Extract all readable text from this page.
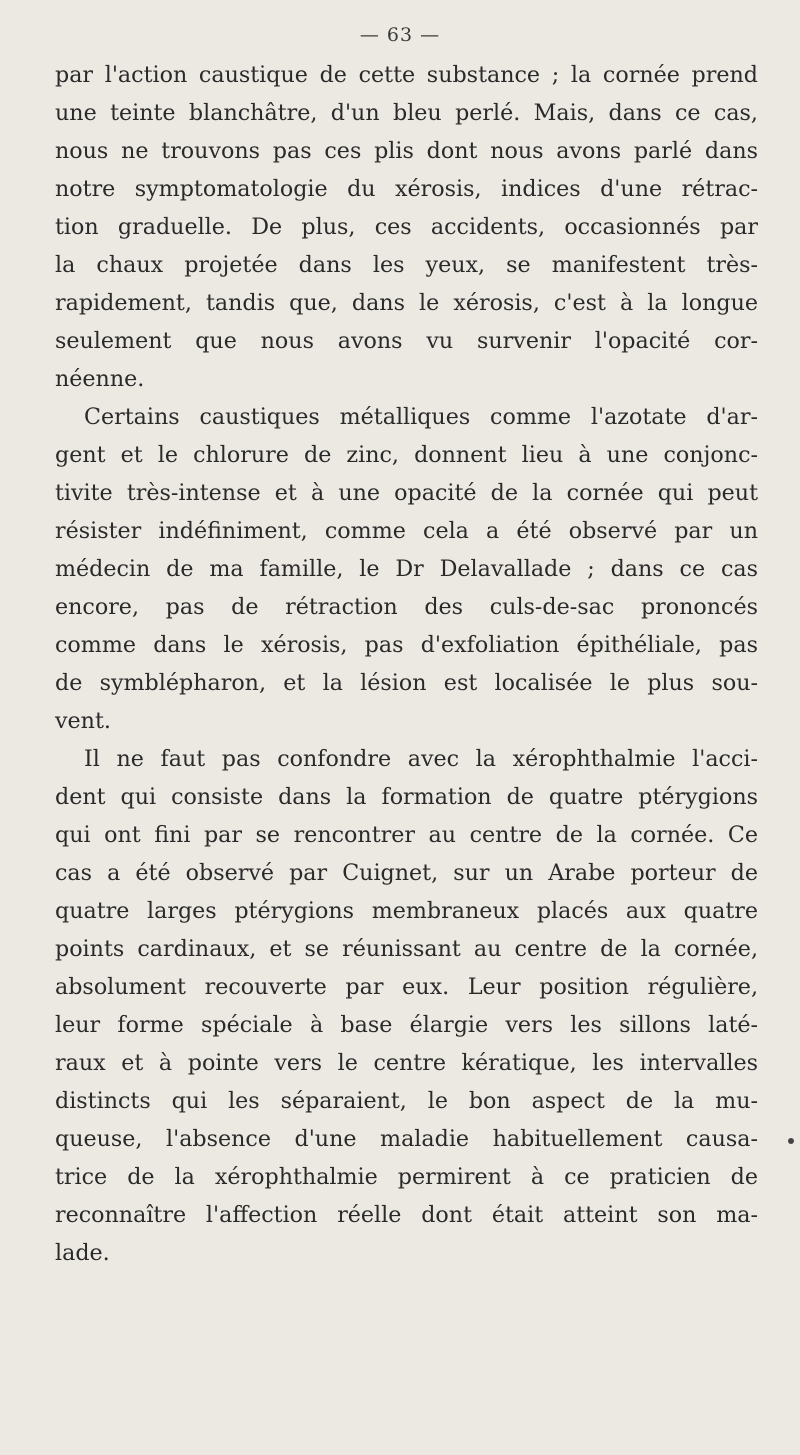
— 63 —
par l'action caustique de cette substance ; la cornée prend
une teinte blanchâtre, d'un bleu perlé. Mais, dans ce cas,
nous ne trouvons pas ces plis dont nous avons parlé dans
notre symptomatologie du xérosis, indices d'une rétrac-
tion graduelle. De plus, ces accidents, occasionnés par
la chaux projetée dans les yeux, se manifestent très-
rapidement, tandis que, dans le xérosis, c'est à la longue
seulement que nous avons vu survenir l'opacité cor-
néenne.
Certains caustiques métalliques comme l'azotate d'ar-
gent et le chlorure de zinc, donnent lieu à une conjonc-
tivite très-intense et à une opacité de la cornée qui peut
résister indéfiniment, comme cela a été observé par un
médecin de ma famille, le Dr Delavallade ; dans ce cas
encore, pas de rétraction des culs-de-sac prononcés
comme dans le xérosis, pas d'exfoliation épithéliale, pas
de symblépharon, et la lésion est localisée le plus sou-
vent.
Il ne faut pas confondre avec la xérophthalmie l'acci-
dent qui consiste dans la formation de quatre ptérygions
qui ont fini par se rencontrer au centre de la cornée. Ce
cas a été observé par Cuignet, sur un Arabe porteur de
quatre larges ptérygions membraneux placés aux quatre
points cardinaux, et se réunissant au centre de la cornée,
absolument recouverte par eux. Leur position régulière,
leur forme spéciale à base élargie vers les sillons laté-
raux et à pointe vers le centre kératique, les intervalles
distincts qui les séparaient, le bon aspect de la mu-
queuse, l'absence d'une maladie habituellement causa-
trice de la xérophthalmie permirent à ce praticien de
reconnaître l'affection réelle dont était atteint son ma-
lade.
